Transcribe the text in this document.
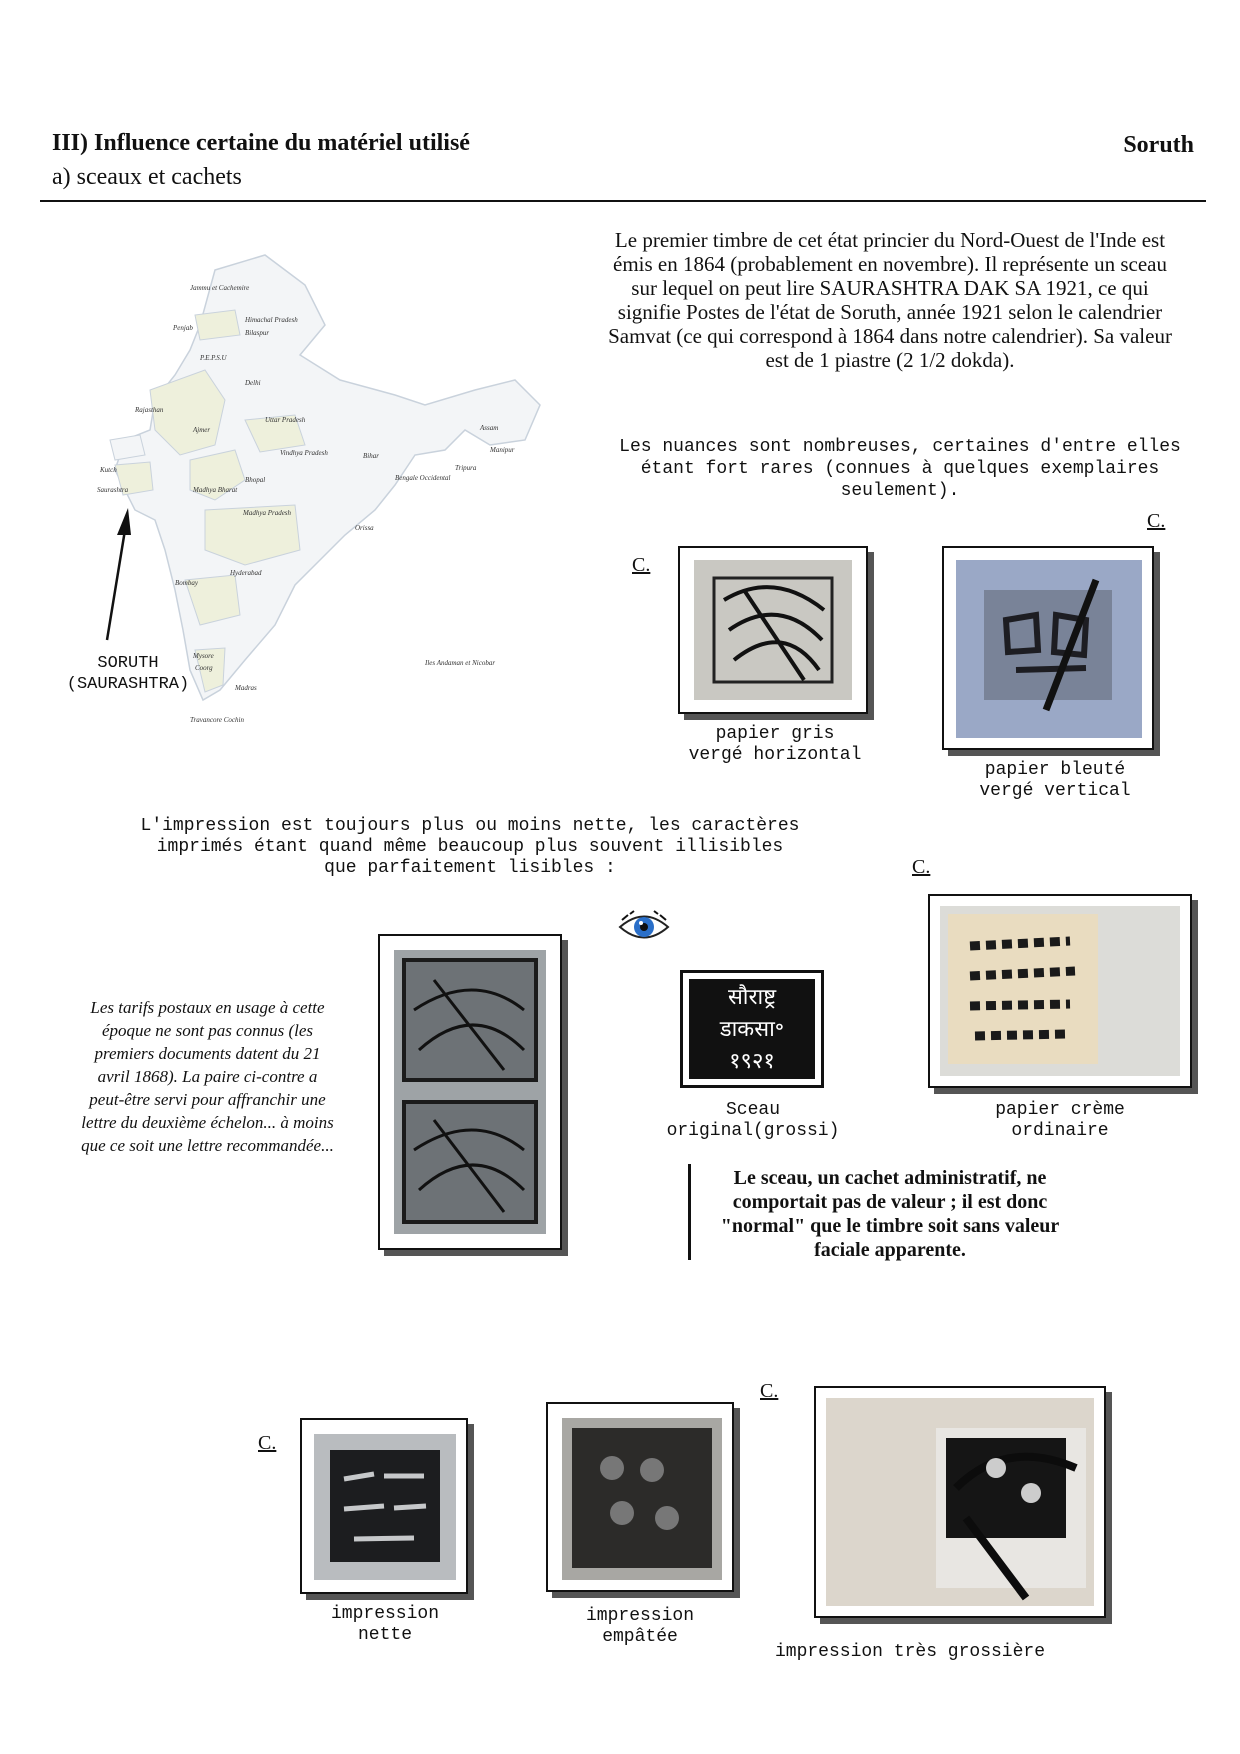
III) Influence certaine du matériel utilisé
a) sceaux et cachets
Soruth
Jammu et Cachemire
Himachal Pradesh
Penjab
Bilaspur
P.E.P.S.U
Delhi
Rajasthan
Ajmer
Uttar Pradesh
Assam
Manipur
Tripura
Bihar
Kutch
Saurashtra
Vindhya Pradesh
Bhopal
Madhya Bharat
Bengale Occidental
Madhya Pradesh
Orissa
Bombay
Hyderabad
Mysore
Coorg
Madras
Travancore Cochin
Iles Andaman et Nicobar
SORUTH
(SAURASHTRA)
Le premier timbre de cet état princier du Nord-Ouest de l'Inde est émis en 1864 (probablement en novembre). Il représente un sceau sur lequel on peut lire SAURASHTRA DAK SA 1921, ce qui signifie Postes de l'état de Soruth, année 1921 selon le calendrier Samvat (ce qui correspond à 1864 dans notre calendrier). Sa valeur est de 1 piastre (2 1/2 dokda).
Les nuances sont nombreuses, certaines d'entre elles étant fort rares (connues à quelques exemplaires seulement).
C.
papier gris
vergé horizontal
C.
papier bleuté
vergé vertical
L'impression est toujours plus ou moins nette, les caractères imprimés étant quand même beaucoup plus souvent illisibles que parfaitement lisibles :	C.
papier crème
ordinaire
Les tarifs postaux en usage à cette époque ne sont pas connus (les premiers documents datent du 21 avril 1868). La paire ci-contre a peut-être servi pour affranchir une lettre du deuxième échelon... à moins que ce soit une lettre recommandée...
सौराष्ट्र
डाकसा॰
१९२१
Sceau
original(grossi)
Le sceau, un cachet administratif, ne comportait pas de valeur ; il est donc "normal" que le timbre soit sans valeur faciale apparente.
C.
impression
nette
impression
empâtée
C.
impression très grossière
